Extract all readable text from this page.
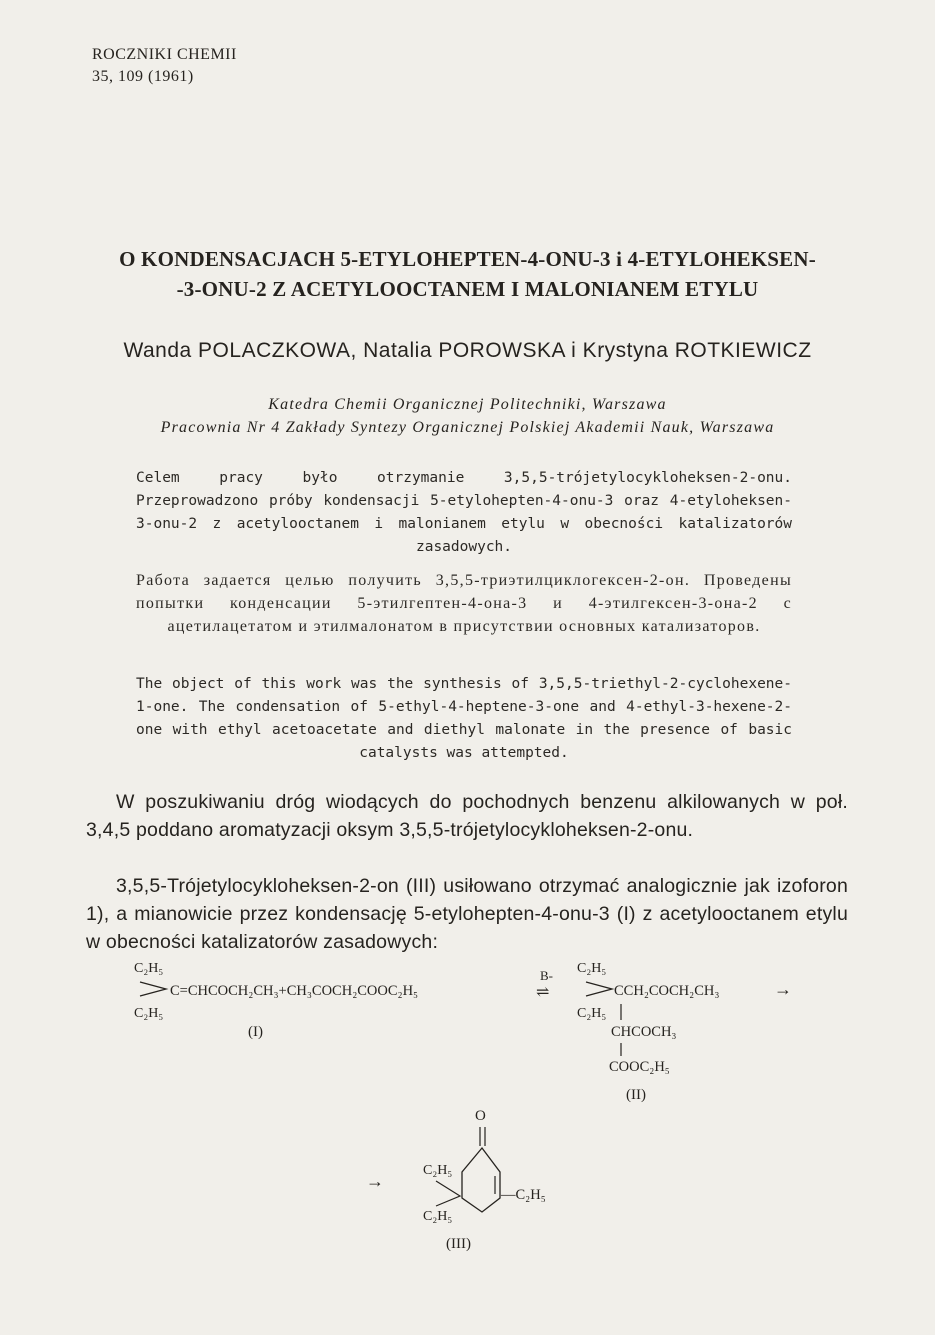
ROCZNIKI CHEMII

35, 109 (1961)

O KONDENSACJACH 5-ETYLOHEPTEN-4-ONU-3 i 4-ETYLOHEKSEN-

-3-ONU-2 Z ACETYLOOCTANEM I MALONIANEM ETYLU

Wanda POLACZKOWA, Natalia POROWSKA i Krystyna ROTKIEWICZ

Katedra Chemii Organicznej Politechniki, Warszawa

Pracownia Nr 4 Zakłady Syntezy Organicznej Polskiej Akademii Nauk, Warszawa

Celem pracy było otrzymanie 3,5,5-trójetylocykloheksen-2-onu. Przeprowadzono próby kondensacji 5-etylohepten-4-onu-3 oraz 4-etyloheksen-3-onu-2 z acetylooctanem i malonianem etylu w obecności katalizatorów zasadowych.

Работа задается целью получить 3,5,5-триэтилциклогексен-2-он. Проведены попытки конденсации 5-этилгептен-4-она-3 и 4-этилгексен-3-она-2 с ацетилацетатом и этилмалонатом в присутствии основных катализаторов.

The object of this work was the synthesis of 3,5,5-triethyl-2-cyclohexene-1-one. The condensation of 5-ethyl-4-heptene-3-one and 4-ethyl-3-hexene-2-one with ethyl acetoacetate and diethyl malonate in the presence of basic catalysts was attempted.

W poszukiwaniu dróg wiodących do pochodnych benzenu alkilowanych w poł. 3,4,5 poddano aromatyzacji oksym 3,5,5-trójetylocykloheksen-2-onu.

3,5,5-Trójetylocykloheksen-2-on (III) usiłowano otrzymać analogicznie jak izoforon 1), a mianowicie przez kondensację 5-etylohepten-4-onu-3 (I) z acetylooctanem etylu w obecności katalizatorów zasadowych:

C₂H₅
C=CHCOCH₂CH₃+CH₃COCH₂COOC₂H₅
C₂H₅
(I)
B-
⇌
C₂H₅
CCH₂COCH₂CH₃	→
C₂H₅
CHCOCH₃
COOC₂H₅
(II)
→
O
C₂H₅
—C₂H₅
C₂H₅
(III)
